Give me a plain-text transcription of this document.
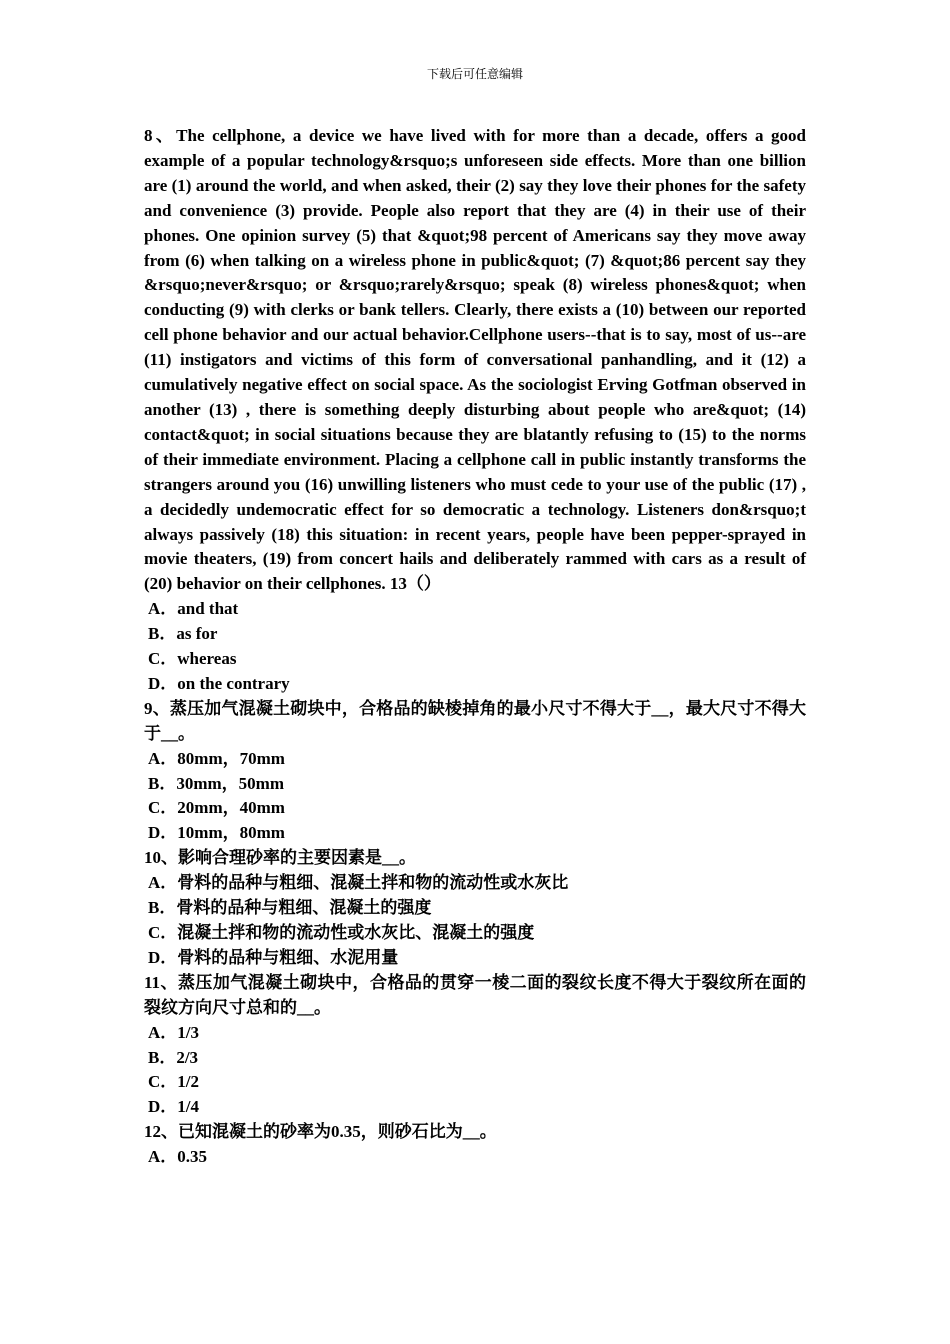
下载后可任意编辑

8、The cellphone, a device we have lived with for more than a decade, offers a good example of a popular technology&rsquo;s unforeseen side effects. More than one billion are (1) around the world, and when asked, their (2) say they love their phones for the safety and convenience (3) provide. People also report that they are (4) in their use of their phones. One opinion survey (5) that &quot;98 percent of Americans say they move away from (6) when talking on a wireless phone in public&quot; (7) &quot;86 percent say they &rsquo;never&rsquo; or &rsquo;rarely&rsquo; speak (8) wireless phones&quot; when conducting (9) with clerks or bank tellers. Clearly, there exists a (10) between our reported cell phone behavior and our actual behavior.Cellphone users--that is to say, most of us--are (11) instigators and victims of this form of conversational panhandling, and it (12) a cumulatively negative effect on social space. As the sociologist Erving Gotfman observed in another (13) , there is something deeply disturbing about people who are&quot; (14) contact&quot; in social situations because they are blatantly refusing to (15) to the norms of their immediate environment. Placing a cellphone call in public instantly transforms the strangers around you (16) unwilling listeners who must cede to your use of the public (17) , a decidedly undemocratic effect for so democratic a technology. Listeners don&rsquo;t always passively (18) this situation: in recent years, people have been pepper-sprayed in movie theaters, (19) from concert hails and deliberately rammed with cars as a result of (20) behavior on their cellphones. 13（）

A．and that

B．as for

C．whereas

D．on the contrary

9、蒸压加气混凝土砌块中，合格品的缺棱掉角的最小尺寸不得大于__，最大尺寸不得大于__。

A．80mm，70mm

B．30mm，50mm

C．20mm，40mm

D．10mm，80mm

10、影响合理砂率的主要因素是__。

A．骨料的品种与粗细、混凝土拌和物的流动性或水灰比

B．骨料的品种与粗细、混凝土的强度

C．混凝土拌和物的流动性或水灰比、混凝土的强度

D．骨料的品种与粗细、水泥用量

11、蒸压加气混凝土砌块中，合格品的贯穿一棱二面的裂纹长度不得大于裂纹所在面的裂纹方向尺寸总和的__。

A．1/3

B．2/3

C．1/2

D．1/4

12、已知混凝土的砂率为0.35，则砂石比为__。

A．0.35
